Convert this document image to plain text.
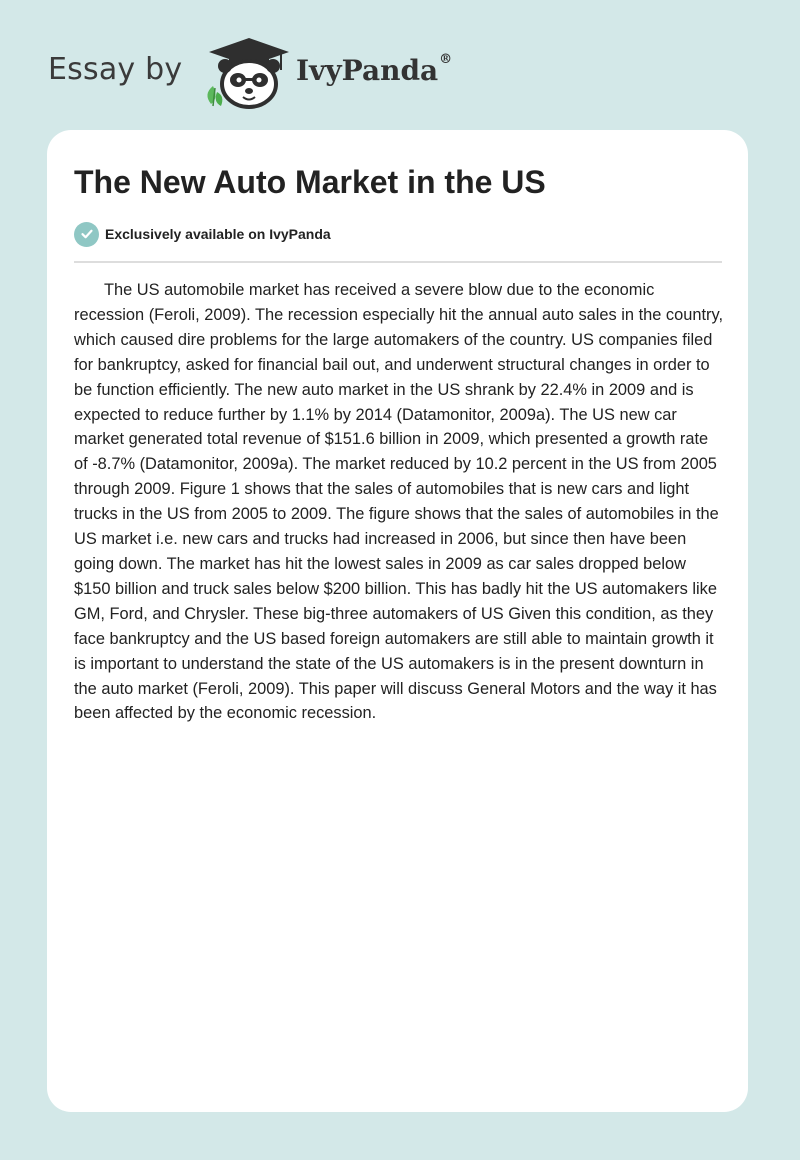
Essay by	IvyPanda®
The New Auto Market in the US
Exclusively available on IvyPanda

The US automobile market has received a severe blow due to the economic recession (Feroli, 2009). The recession especially hit the annual auto sales in the country, which caused dire problems for the large automakers of the country. US companies filed for bankruptcy, asked for financial bail out, and underwent structural changes in order to be function efficiently. The new auto market in the US shrank by 22.4% in 2009 and is expected to reduce further by 1.1% by 2014 (Datamonitor, 2009a). The US new car market generated total revenue of $151.6 billion in 2009, which presented a growth rate of -8.7% (Datamonitor, 2009a). The market reduced by 10.2 percent in the US from 2005 through 2009. Figure 1 shows that the sales of automobiles that is new cars and light trucks in the US from 2005 to 2009. The figure shows that the sales of automobiles in the US market i.e. new cars and trucks had increased in 2006, but since then have been going down. The market has hit the lowest sales in 2009 as car sales dropped below $150 billion and truck sales below $200 billion. This has badly hit the US automakers like GM, Ford, and Chrysler. These big-three automakers of US Given this condition, as they face bankruptcy and the US based foreign automakers are still able to maintain growth it is important to understand the state of the US automakers is in the present downturn in the auto market (Feroli, 2009). This paper will discuss General Motors and the way it has been affected by the economic recession.
